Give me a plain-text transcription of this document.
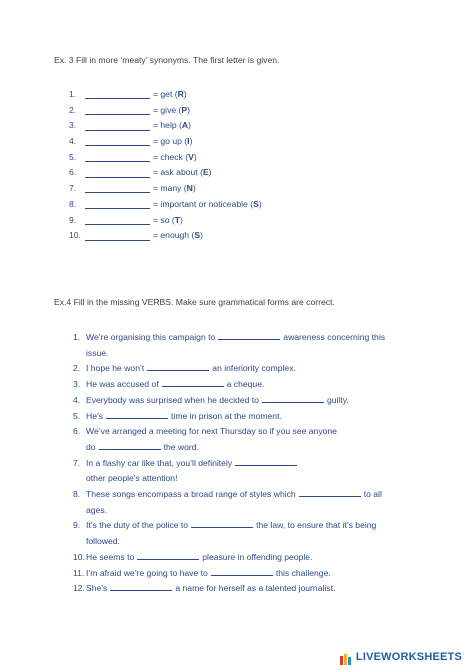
Ex. 3 Fill in more ‘meaty’ synonyms. The first letter is given.
1.	= get (R)
2.	= give (P)
3.	= help (A)
4.	= go up (I)
5.	= check (V)
6.	= ask about (E)
7.	= many (N)
8.	= important or noticeable (S)
9.	= so (T)
10.	= enough (S)
Ex.4 Fill in the missing VERBS. Make sure grammatical forms are correct.
1. We’re organising this campaign to	awareness concerning this
issue.
2. I hope he won’t	an inferiority complex.
3. He was accused of	a cheque.
4. Everybody was surprised when he decided to	guilty.
5. He’s	time in prison at the moment.
6. We’ve arranged a meeting for next Thursday so if you see anyone
do	the word.
7. In a flashy car like that, you’ll definitely
other people's attention!
8. These songs encompass a broad range of styles which	to all
ages.
9. It’s the duty of the police to	the law, to ensure that it’s being
followed.
10. He seems to	pleasure in offending people.
11. I’m afraid we’re going to have to	this challenge.
12. She’s	a name for herself as a talented journalist.
LIVEWORKSHEETS
